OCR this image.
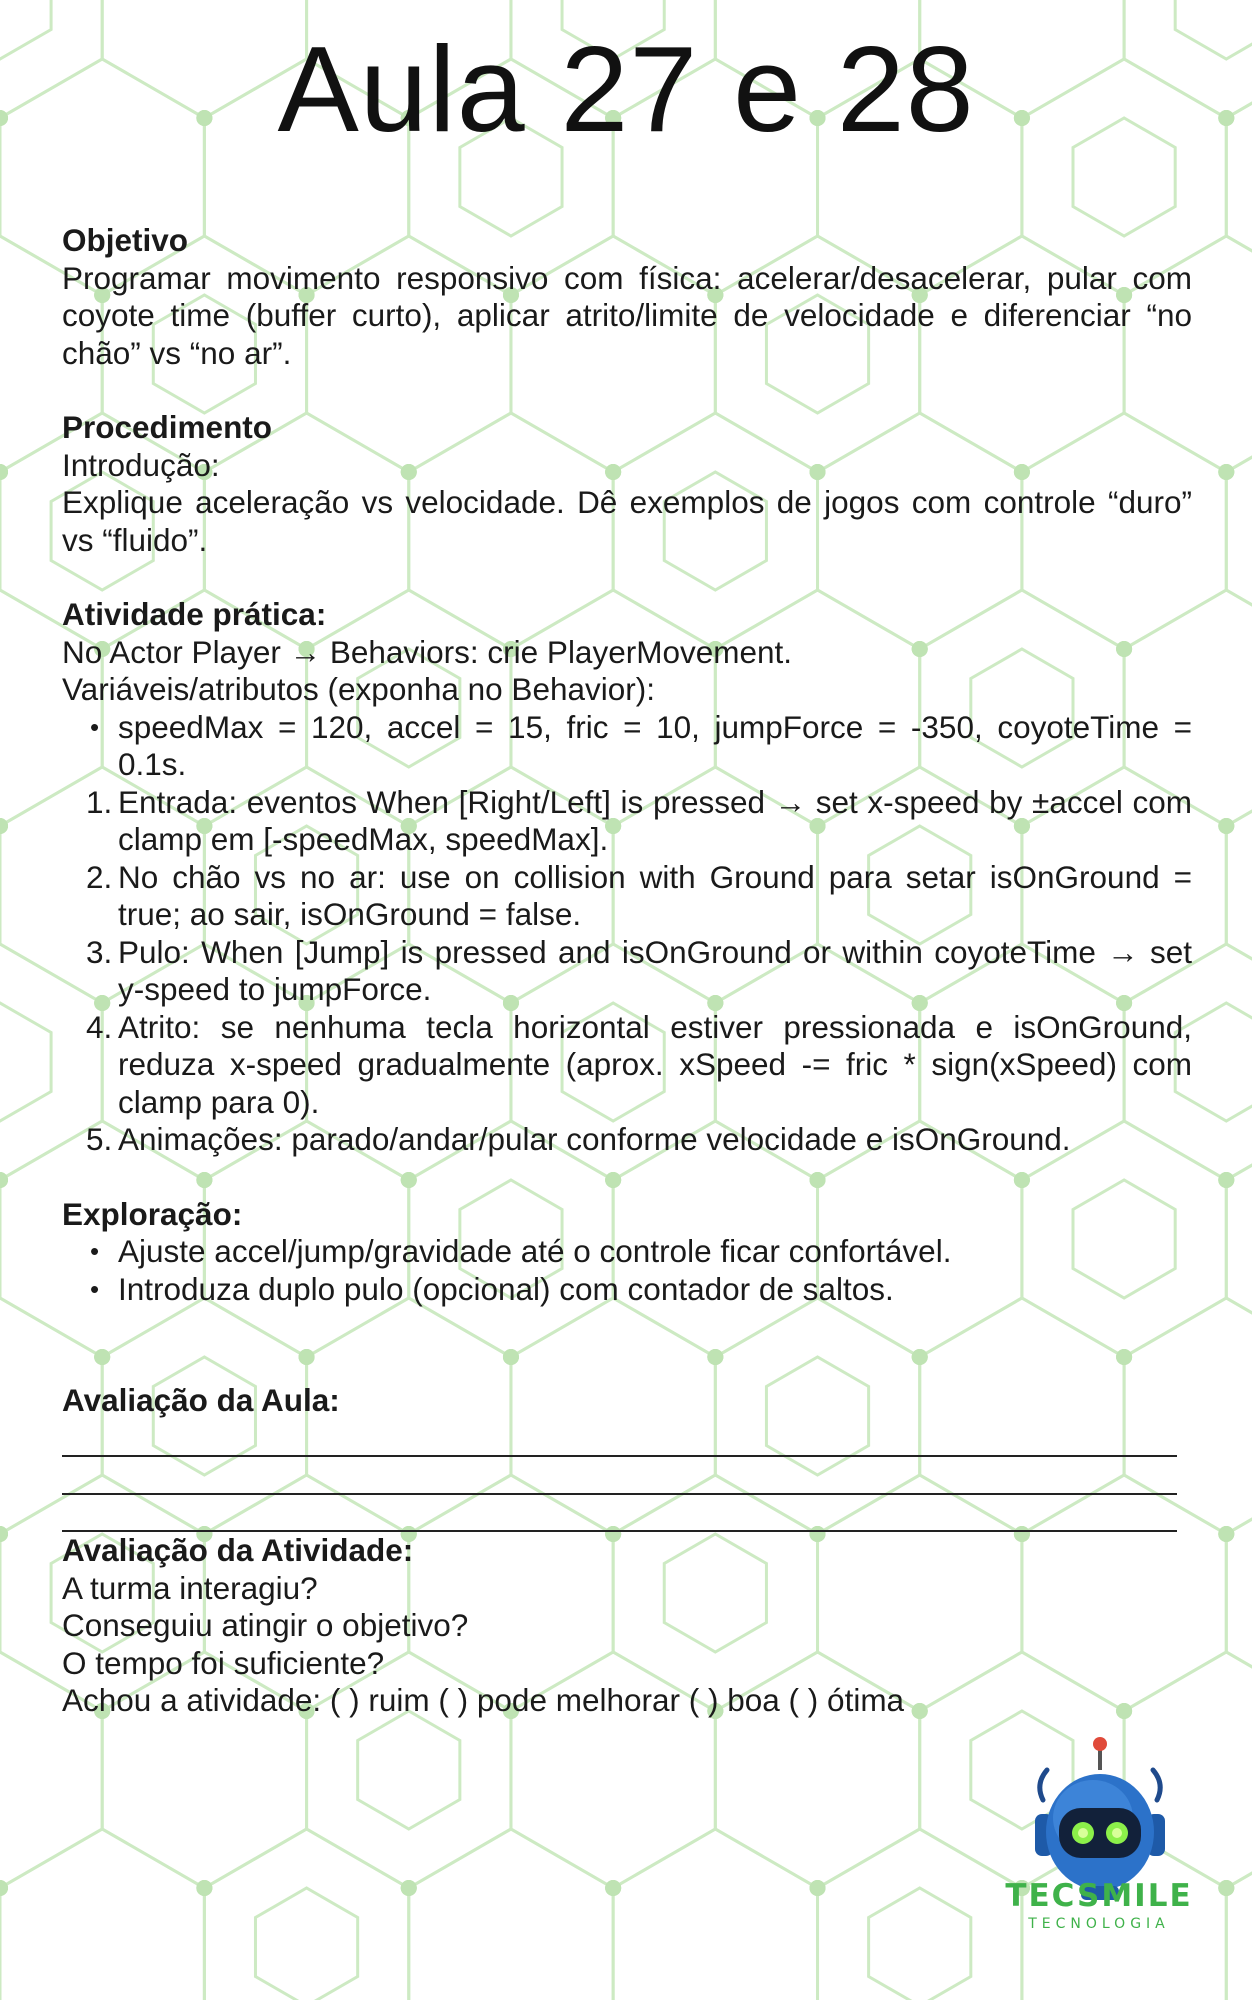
Aula 27 e 28

Objetivo

Programar movimento responsivo com física: acelerar/desacelerar, pular com coyote time (buffer curto), aplicar atrito/limite de velocidade e diferenciar “no chão” vs “no ar”.

Procedimento

Introdução:

Explique aceleração vs velocidade. Dê exemplos de jogos com controle “duro” vs “fluido”.

Atividade prática:

No Actor Player → Behaviors: crie PlayerMovement.

Variáveis/atributos (exponha no Behavior):

• speedMax = 120, accel = 15, fric = 10, jumpForce = -350, coyoteTime = 0.1s.
1. Entrada: eventos When [Right/Left] is pressed → set x-speed by ±accel com clamp em [-speedMax, speedMax].
2. No chão vs no ar: use on collision with Ground para setar isOnGround = true; ao sair, isOnGround = false.
3. Pulo: When [Jump] is pressed and isOnGround or within coyoteTime → set y-speed to jumpForce.
4. Atrito: se nenhuma tecla horizontal estiver pressionada e isOnGround, reduza x-speed gradualmente (aprox. xSpeed -= fric * sign(xSpeed) com clamp para 0).
5. Animações: parado/andar/pular conforme velocidade e isOnGround.

Exploração:

• Ajuste accel/jump/gravidade até o controle ficar confortável.
• Introduza duplo pulo (opcional) com contador de saltos.

Avaliação da Aula:

Avaliação da Atividade:

A turma interagiu?

Conseguiu atingir o objetivo?

O tempo foi suficiente?

Achou a atividade: ( ) ruim ( ) pode melhorar ( ) boa ( ) ótima

TECSMILE
TECNOLOGIA
